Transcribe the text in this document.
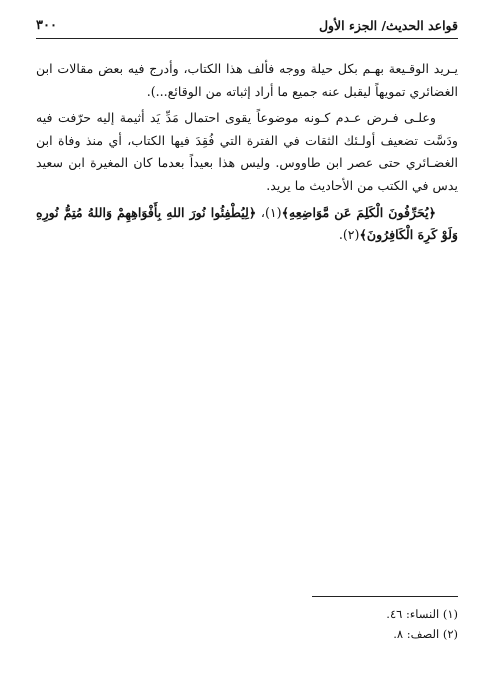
قواعد الحديث/ الجزء الأول
٣٠٠

يـريد الوقـيعة بهـم بكل حيلة ووجه فألف هذا الكتاب، وأدرج فيه بعض مقالات ابن الغضائري تمويهاً ليقبل عنه جميع ما أراد إثباته من الوقائع...).

وعلـى فـرض عـدم كـونه موضوعاً يقوى احتمال مَدِّ يَد أثيمة إليه حرّفت فيه ودَسَّت تضعيف أولـئك الثقات في الفترة التي فُقِدَ فيها الكتاب، أي منذ وفاة ابن الغضـائري حتى عصر ابن طاووس. وليس هذا بعيداً بعدما كان المغيرة ابن سعيد يدس في الكتب من الأحاديث ما يريد.

﴿يُحَرِّفُونَ الْكَلِمَ عَن مَّوَاضِعِهِ﴾(١)، ﴿لِيُطْفِئُوا نُورَ اللهِ بِأَفْوَاهِهِمْ وَاللهُ مُتِمُّ نُورِهِ وَلَوْ كَرِهَ الْكَافِرُونَ﴾(٢).

(١) النساء: ٤٦.
(٢) الصف: ٨.
